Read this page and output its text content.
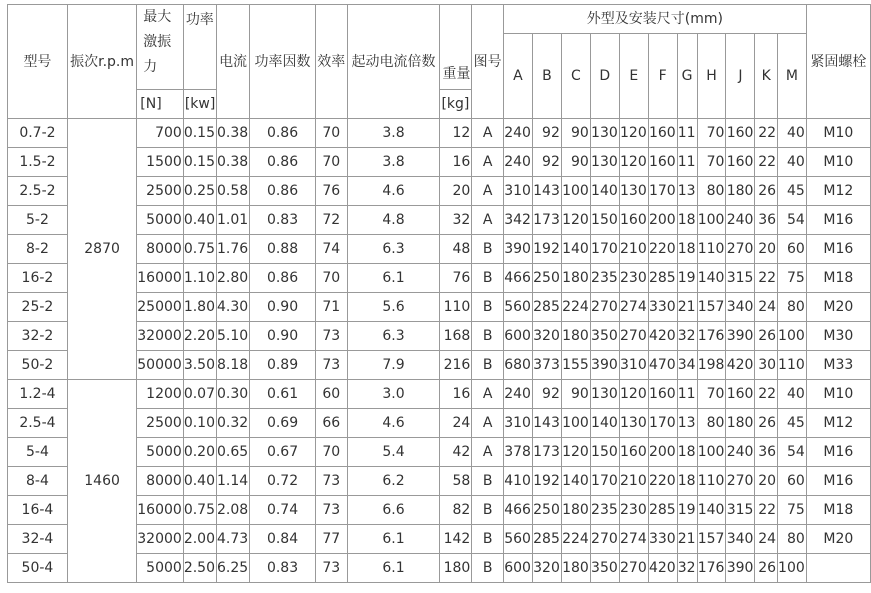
型号	振次r.p.m	最大
激振
力	功率	电流	功率因数	效率	起动电流倍数	重量	图号	外型及安装尺寸(mm)											紧固螺栓
										A	B	C	D	E	F	G	H	J	K	M	
		[N]	[kw]					[kg]													
0.7-2	2870	700	0.15	0.38	0.86	70	3.8	12	A	240	92	90	130	120	160	11	70	160	22	40	M10
1.5-2		1500	0.15	0.38	0.86	70	3.8	16	A	240	92	90	130	120	160	11	70	160	22	40	M10
2.5-2		2500	0.25	0.58	0.86	76	4.6	20	A	310	143	100	140	130	170	13	80	180	26	45	M12
5-2		5000	0.40	1.01	0.83	72	4.8	32	A	342	173	120	150	160	200	18	100	240	36	54	M16
8-2		8000	0.75	1.76	0.88	74	6.3	48	B	390	192	140	170	210	220	18	110	270	20	60	M16
16-2		16000	1.10	2.80	0.86	70	6.1	76	B	466	250	180	235	230	285	19	140	315	22	75	M18
25-2		25000	1.80	4.30	0.90	71	5.6	110	B	560	285	224	270	274	330	21	157	340	24	80	M20
32-2		32000	2.20	5.10	0.90	73	6.3	168	B	600	320	180	350	270	420	32	176	390	26	100	M30
50-2		50000	3.50	8.18	0.89	73	7.9	216	B	680	373	155	390	310	470	34	198	420	30	110	M33
1.2-4	1460	1200	0.07	0.30	0.61	60	3.0	16	A	240	92	90	130	120	160	11	70	160	22	40	M10
2.5-4		2500	0.10	0.32	0.69	66	4.6	24	A	310	143	100	140	130	170	13	80	180	26	45	M12
5-4		5000	0.20	0.65	0.67	70	5.4	42	A	378	173	120	150	160	200	18	100	240	36	54	M16
8-4		8000	0.40	1.14	0.72	73	6.2	58	B	410	192	140	170	210	220	18	110	270	20	60	M16
16-4		16000	0.75	2.08	0.74	73	6.6	82	B	466	250	180	235	230	285	19	140	315	22	75	M18
32-4		32000	2.00	4.73	0.84	77	6.1	142	B	560	285	224	270	274	330	21	157	340	24	80	M20
50-4		5000	2.50	6.25	0.83	73	6.1	180	B	600	320	180	350	270	420	32	176	390	26	100	
